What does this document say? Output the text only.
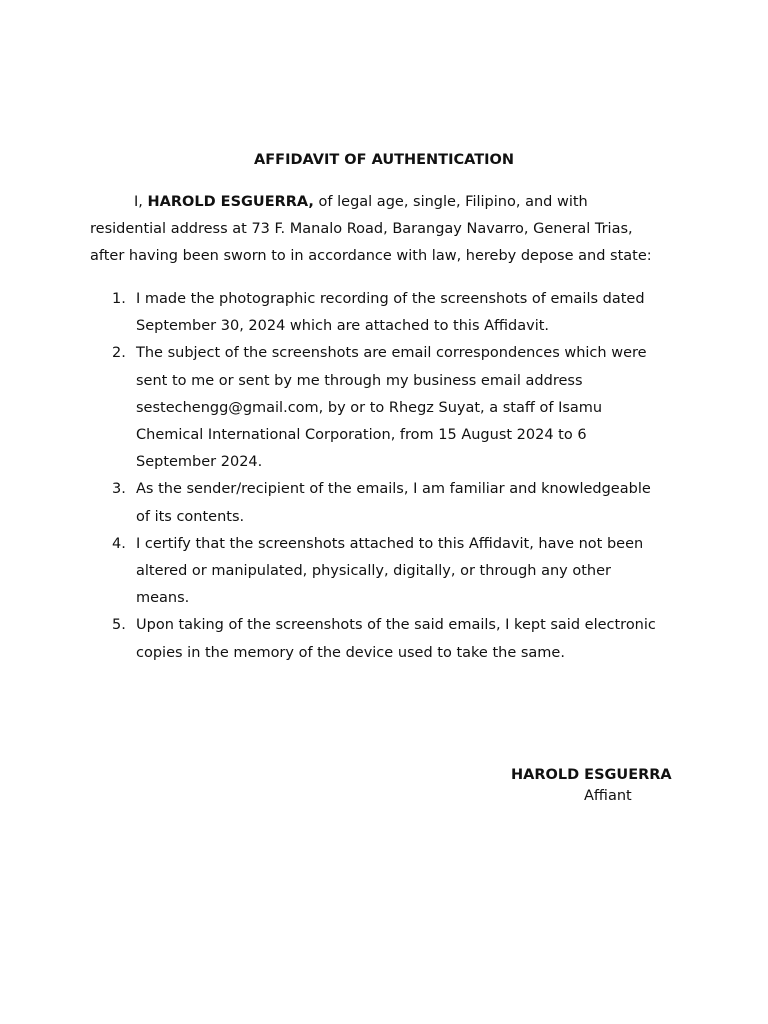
AFFIDAVIT OF AUTHENTICATION
I, HAROLD ESGUERRA, of legal age, single, Filipino, and with
residential address at 73 F. Manalo Road, Barangay Navarro, General Trias,
after having been sworn to in accordance with law, hereby depose and state:
1. I made the photographic recording of the screenshots of emails dated
September 30, 2024 which are attached to this Affidavit.
2. The subject of the screenshots are email correspondences which were
sent to me or sent by me through my business email address
sestechengg@gmail.com, by or to Rhegz Suyat, a staff of Isamu
Chemical International Corporation, from 15 August 2024 to 6
September 2024.
3. As the sender/recipient of the emails, I am familiar and knowledgeable
of its contents.
4. I certify that the screenshots attached to this Affidavit, have not been
altered or manipulated, physically, digitally, or through any other
means.
5. Upon taking of the screenshots of the said emails, I kept said electronic
copies in the memory of the device used to take the same.
HAROLD ESGUERRA
Affiant
